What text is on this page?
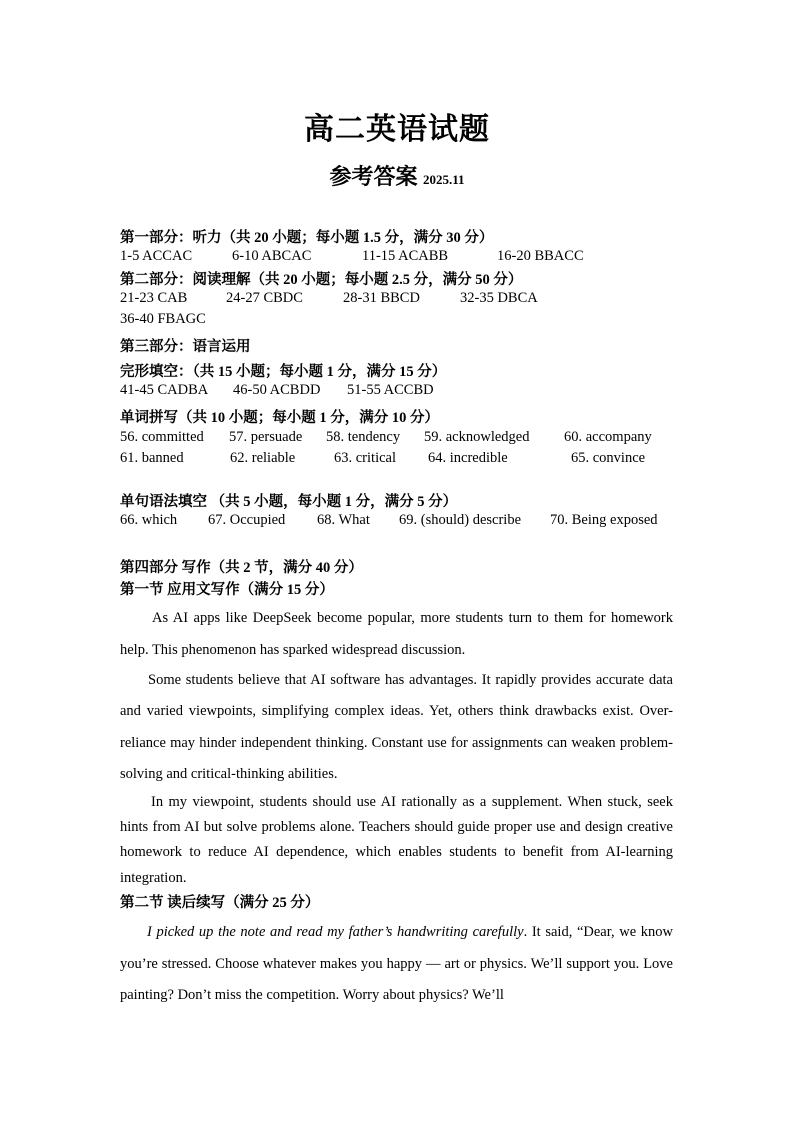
高二英语试题
参考答案 2025.11
第一部分：听力（共 20 小题；每小题 1.5 分，满分 30 分）
1-5 ACCAC	6-10 ABCAC	11-15 ACABB	16-20 BBACC
第二部分：阅读理解（共 20 小题；每小题 2.5 分，满分 50 分）
21-23 CAB	24-27 CBDC	28-31 BBCD	32-35 DBCA
36-40 FBAGC
第三部分：语言运用
完形填空：（共 15 小题；每小题 1 分，满分 15 分）
41-45 CADBA 46-50 ACBDD 51-55 ACCBD
单词拼写（共 10 小题；每小题 1 分，满分 10 分）
56. committed 57. persuade 58. tendency 59. acknowledged 60. accompany
61. banned	62. reliable	63. critical 64. incredible	65. convince
单句语法填空 （共 5 小题，每小题 1 分，满分 5 分）
66. which 67. Occupied 68. What 69. (should) describe 70. Being exposed
第四部分 写作（共 2 节，满分 40 分）
第一节 应用文写作（满分 15 分）
As AI apps like DeepSeek become popular, more students turn to them for homework help. This phenomenon has sparked widespread discussion.
Some students believe that AI software has advantages. It rapidly provides accurate data and varied viewpoints, simplifying complex ideas. Yet, others think drawbacks exist. Over-reliance may hinder independent thinking. Constant use for assignments can weaken problem-solving and critical-thinking abilities.
In my viewpoint, students should use AI rationally as a supplement. When stuck, seek hints from AI but solve problems alone. Teachers should guide proper use and design creative homework to reduce AI dependence, which enables students to benefit from AI-learning integration.
第二节 读后续写（满分 25 分）
I picked up the note and read my father’s handwriting carefully. It said, “Dear, we know you’re stressed. Choose whatever makes you happy — art or physics. We’ll support you. Love painting? Don’t miss the competition. Worry about physics? We’ll
